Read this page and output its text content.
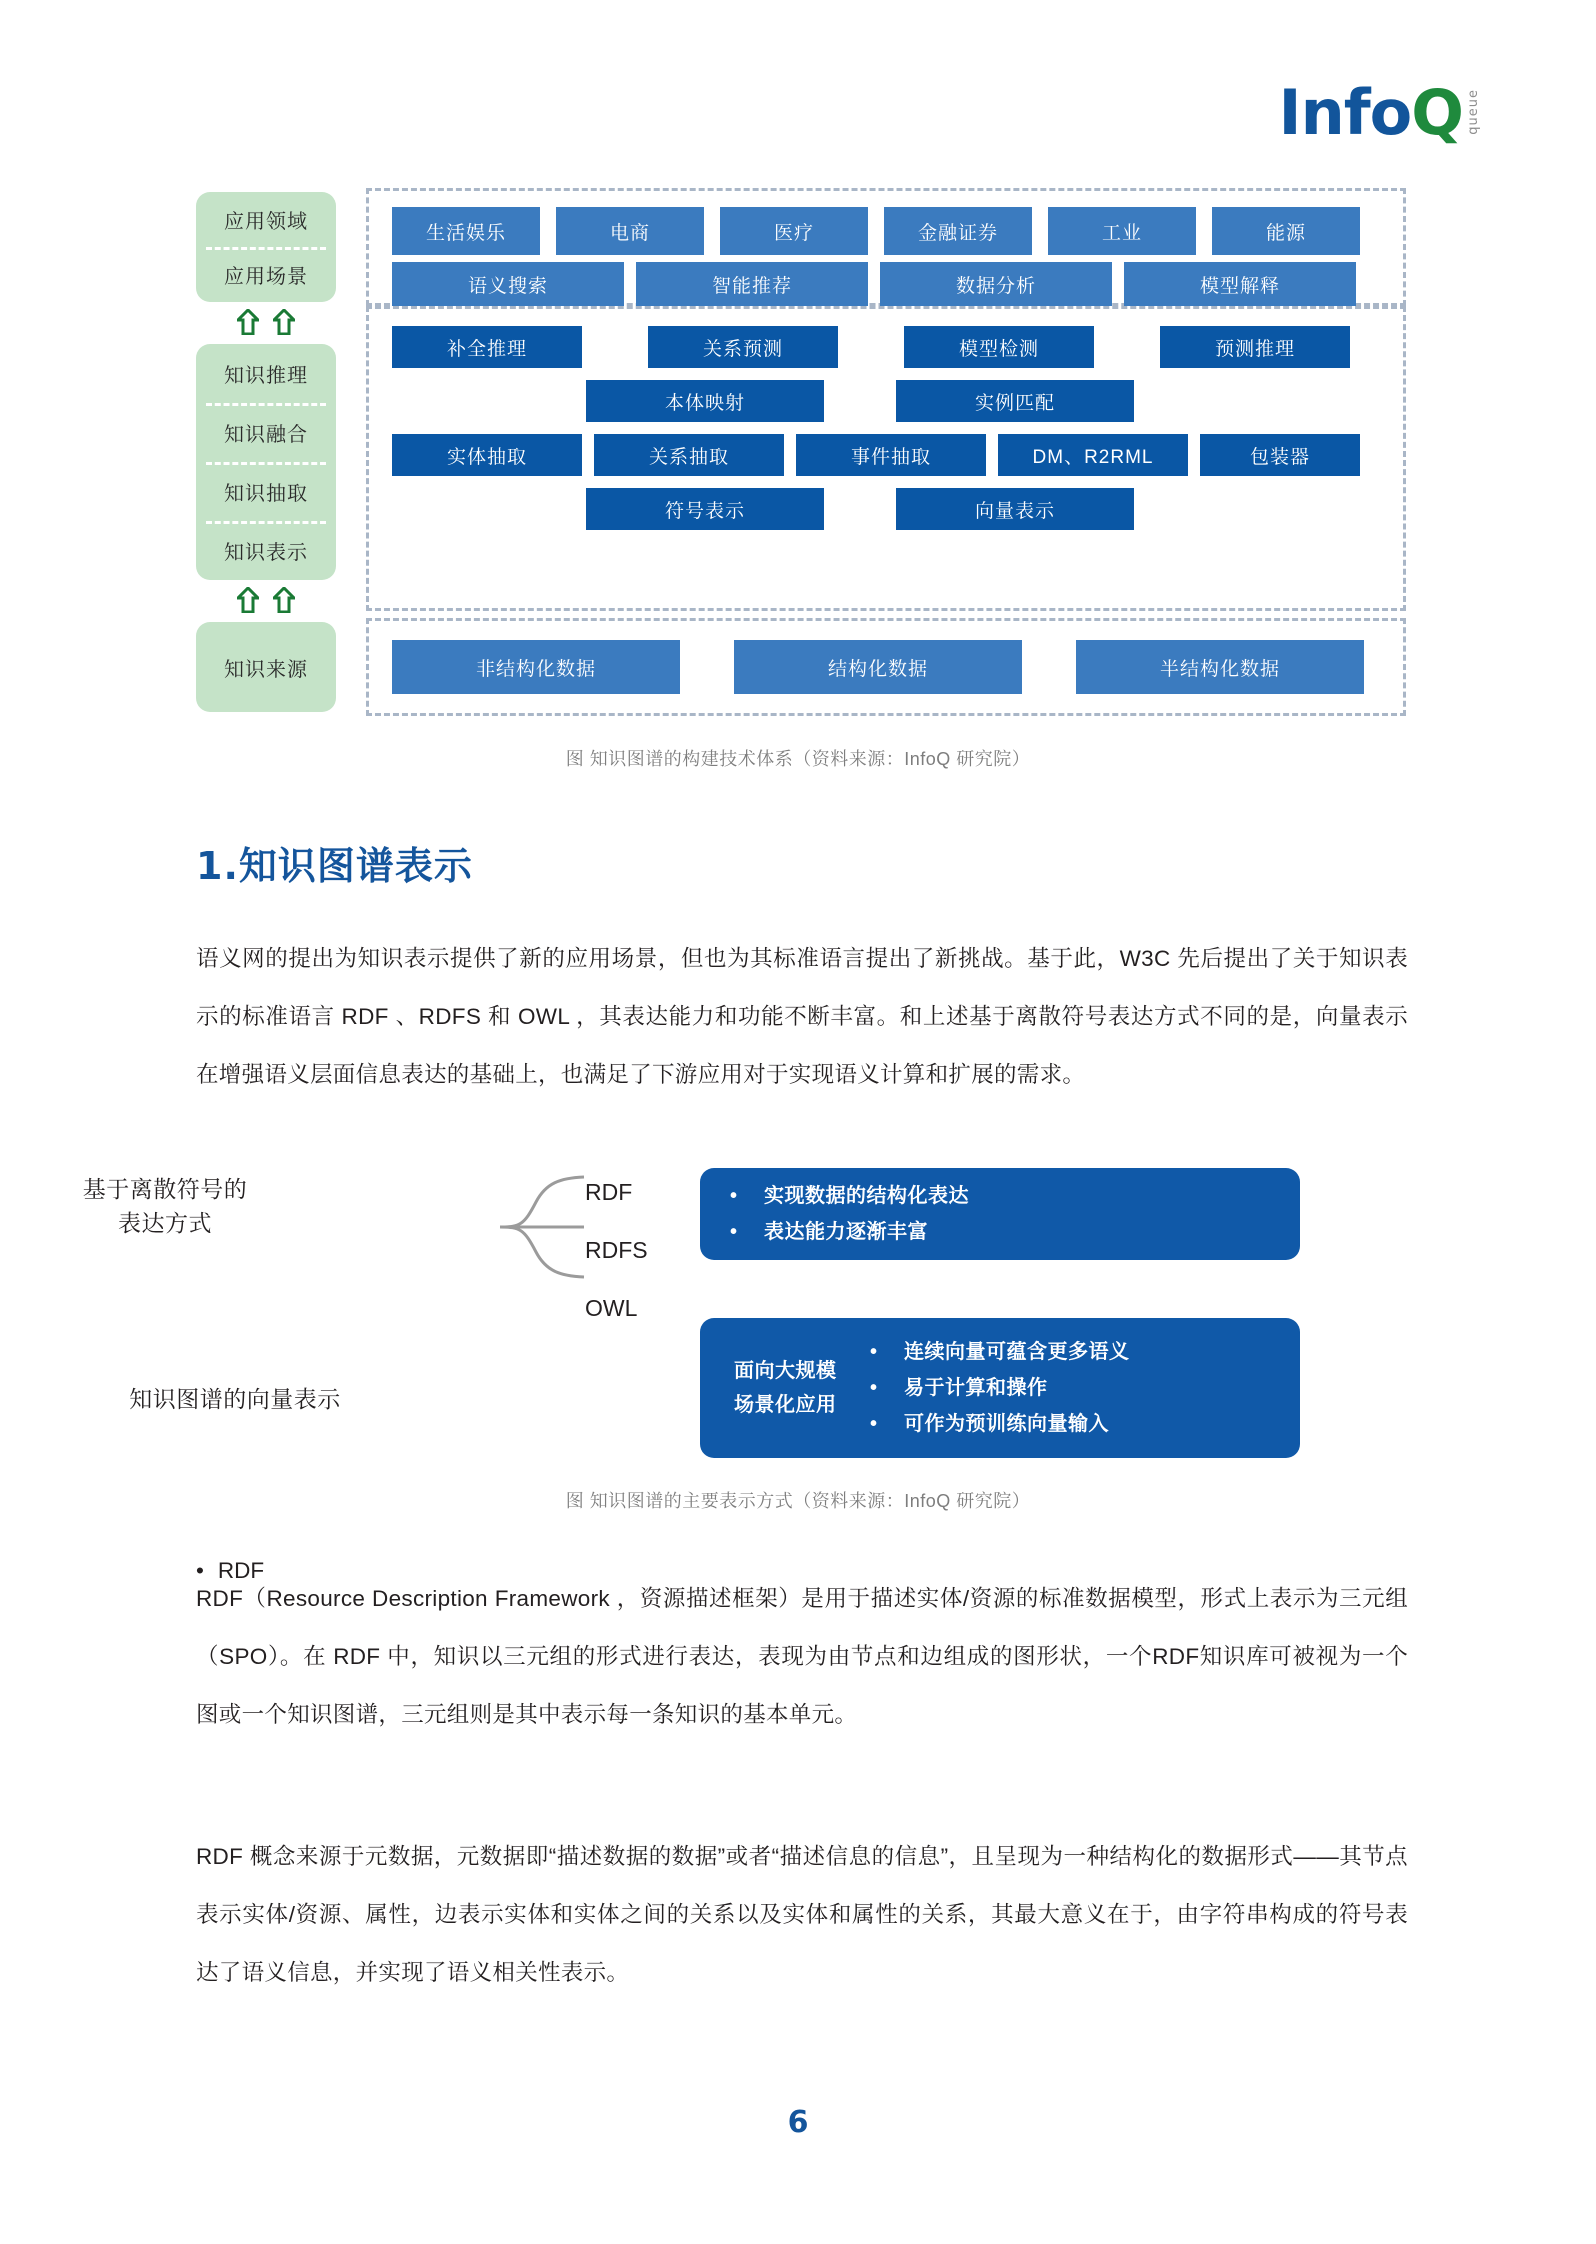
Info Q queue
应用领域
应用场景
知识推理
知识融合
知识抽取
知识表示
知识来源
生活娱乐	电商	医疗	金融证券	工业	能源
语义搜索	智能推荐	数据分析	模型解释
补全推理	关系预测	模型检测	预测推理
本体映射	实例匹配
实体抽取	关系抽取	事件抽取	DM、R2RML	包装器
符号表示	向量表示
非结构化数据	结构化数据	半结构化数据
图 知识图谱的构建技术体系（资料来源：InfoQ 研究院）
1.知识图谱表示
语义网的提出为知识表示提供了新的应用场景，但也为其标准语言提出了新挑战。基于此，W3C 先后提出了关于知识表示的标准语言 RDF 、RDFS 和 OWL ，其表达能力和功能不断丰富。和上述基于离散符号表达方式不同的是，向量表示在增强语义层面信息表达的基础上，也满足了下游应用对于实现语义计算和扩展的需求。
基于离散符号的
表达方式
RDF
RDFS
OWL
•	实现数据的结构化表达
•	表达能力逐渐丰富
知识图谱的向量表示
面向大规模
场景化应用
•	连续向量可蕴含更多语义
•	易于计算和操作
•	可作为预训练向量输入
图 知识图谱的主要表示方式（资料来源：InfoQ 研究院）
• RDF
RDF（Resource Description Framework ，资源描述框架）是用于描述实体/资源的标准数据模型，形式上表示为三元组（SPO）。在 RDF 中，知识以三元组的形式进行表达，表现为由节点和边组成的图形状，一个RDF知识库可被视为一个图或一个知识图谱，三元组则是其中表示每一条知识的基本单元。
RDF 概念来源于元数据，元数据即“描述数据的数据”或者“描述信息的信息”，且呈现为一种结构化的数据形式——其节点表示实体/资源、属性，边表示实体和实体之间的关系以及实体和属性的关系，其最大意义在于，由字符串构成的符号表达了语义信息，并实现了语义相关性表示。
6
